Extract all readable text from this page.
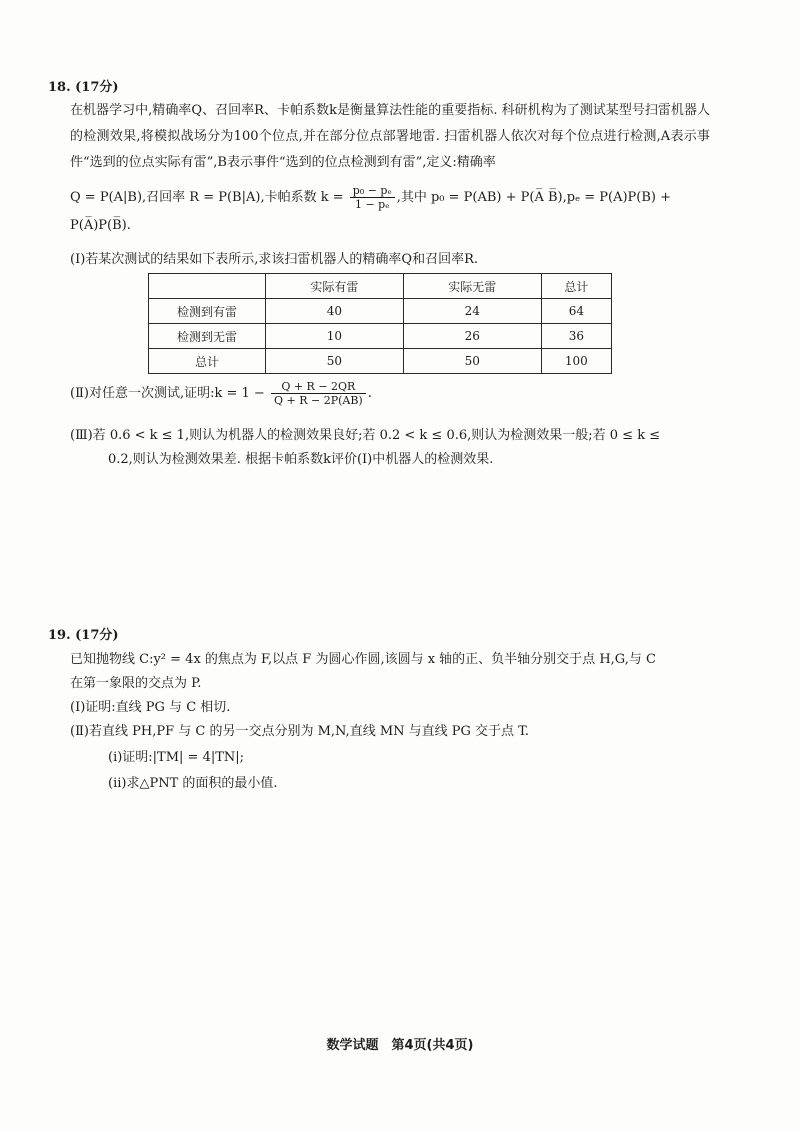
18. (17分)
在机器学习中,精确率Q、召回率R、卡帕系数k是衡量算法性能的重要指标. 科研机构为了测试某型号扫雷机器人的检测效果,将模拟战场分为100个位点,并在部分位点部署地雷. 扫雷机器人依次对每个位点进行检测,A表示事件“选到的位点实际有雷”,B表示事件“选到的位点检测到有雷”,定义:精确率
Q = P(A|B),召回率 R = P(B|A),卡帕系数 $k = \frac{\text{p₀ − pₑ}}{\text{1 − pₑ}}$ ,其中 p₀ = P(AB) + P(A̅ B̅),pₑ = P(A)P(B) +
P(A̅)P(B̅).
(Ⅰ)若某次测试的结果如下表所示,求该扫雷机器人的精确率Q和召回率R.
	实际有雷	实际无雷	总计
检测到有雷	40	24	64
检测到无雷	10	26	36
总计	50	50	100
(Ⅱ)对任意一次测试,证明:k = $1 - \frac{Q + R - 2QR}{Q + R - 2P(AB)}$ .
(Ⅲ)若 0.6 < k ≤ 1,则认为机器人的检测效果良好;若 0.2 < k ≤ 0.6,则认为检测效果一般;若 0 ≤ k ≤
0.2,则认为检测效果差. 根据卡帕系数k评价(Ⅰ)中机器人的检测效果.
19. (17分)
已知抛物线 C:y² = 4x 的焦点为 F,以点 F 为圆心作圆,该圆与 x 轴的正、负半轴分别交于点 H,G,与 C
在第一象限的交点为 P.
(Ⅰ)证明:直线 PG 与 C 相切.
(Ⅱ)若直线 PH,PF 与 C 的另一交点分别为 M,N,直线 MN 与直线 PG 交于点 T.
(ⅰ)证明:|TM| = 4|TN|;
(ⅱ)求△PNT 的面积的最小值.
数学试题　第4页(共4页)
